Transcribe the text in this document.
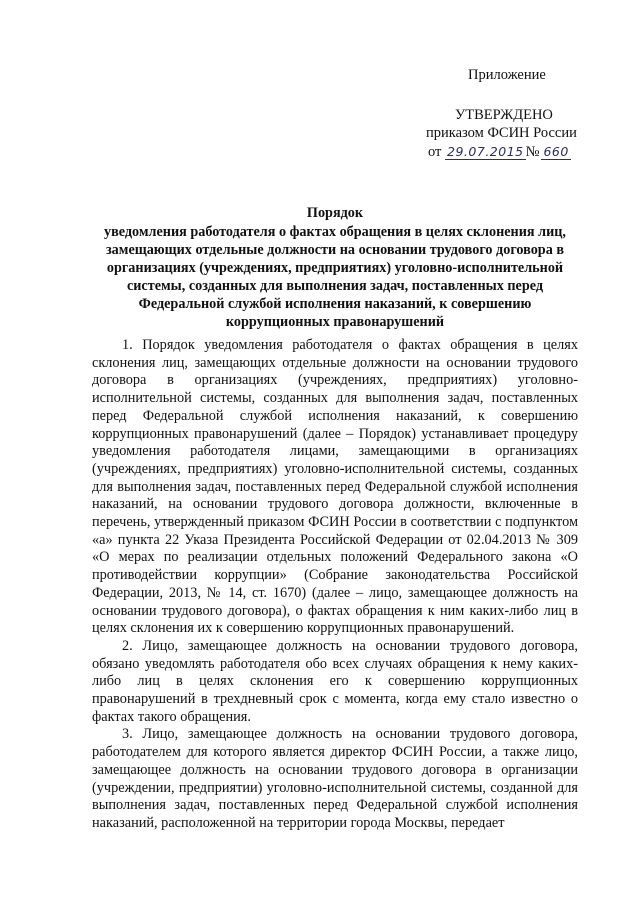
Приложение
УТВЕРЖДЕНО
приказом ФСИН России
от 29.07.2015 № 660
Порядок
уведомления работодателя о фактах обращения в целях склонения лиц, замещающих отдельные должности на основании трудового договора в организациях (учреждениях, предприятиях) уголовно-исполнительной системы, созданных для выполнения задач, поставленных перед Федеральной службой исполнения наказаний, к совершению коррупционных правонарушений

1. Порядок уведомления работодателя о фактах обращения в целях склонения лиц, замещающих отдельные должности на основании трудового договора в организациях (учреждениях, предприятиях) уголовно-исполнительной системы, созданных для выполнения задач, поставленных перед Федеральной службой исполнения наказаний, к совершению коррупционных правонарушений (далее – Порядок) устанавливает процедуру уведомления работодателя лицами, замещающими в организациях (учреждениях, предприятиях) уголовно-исполнительной системы, созданных для выполнения задач, поставленных перед Федеральной службой исполнения наказаний, на основании трудового договора должности, включенные в перечень, утвержденный приказом ФСИН России в соответствии с подпунктом «а» пункта 22 Указа Президента Российской Федерации от 02.04.2013 № 309 «О мерах по реализации отдельных положений Федерального закона «О противодействии коррупции» (Собрание законодательства Российской Федерации, 2013, № 14, ст. 1670) (далее – лицо, замещающее должность на основании трудового договора), о фактах обращения к ним каких-либо лиц в целях склонения их к совершению коррупционных правонарушений.

2. Лицо, замещающее должность на основании трудового договора, обязано уведомлять работодателя обо всех случаях обращения к нему каких-либо лиц в целях склонения его к совершению коррупционных правонарушений в трехдневный срок с момента, когда ему стало известно о фактах такого обращения.

3. Лицо, замещающее должность на основании трудового договора, работодателем для которого является директор ФСИН России, а также лицо, замещающее должность на основании трудового договора в организации (учреждении, предприятии) уголовно-исполнительной системы, созданной для выполнения задач, поставленных перед Федеральной службой исполнения наказаний, расположенной на территории города Москвы, передает
